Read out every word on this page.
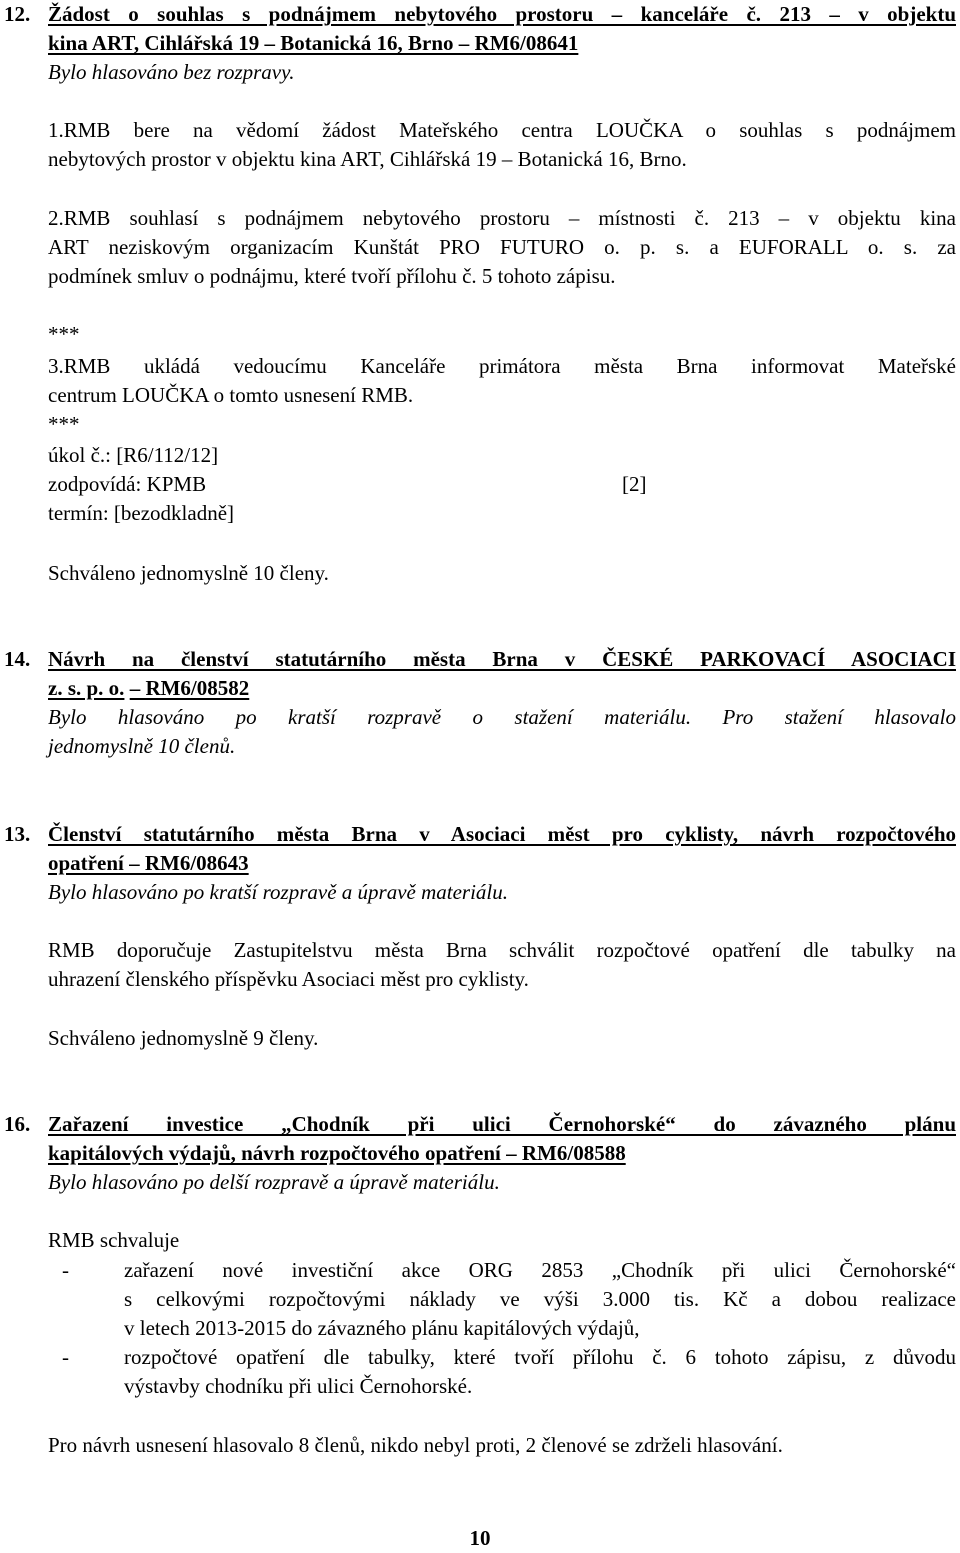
12. Žádost o souhlas s podnájmem nebytového prostoru – kanceláře č. 213 – v objektu
kina ART, Cihlářská 19 – Botanická 16, Brno – RM6/08641
Bylo hlasováno bez rozpravy.
1.RMB bere na vědomí žádost Mateřského centra LOUČKA o souhlas s podnájmem
nebytových prostor v objektu kina ART, Cihlářská 19 – Botanická 16, Brno.
2.RMB souhlasí s podnájmem nebytového prostoru – místnosti č. 213 – v objektu kina
ART neziskovým organizacím Kunštát PRO FUTURO o. p. s. a EUFORALL o. s. za
podmínek smluv o podnájmu, které tvoří přílohu č. 5 tohoto zápisu.
***
3.RMB ukládá vedoucímu Kanceláře primátora města Brna informovat Mateřské
centrum LOUČKA o tomto usnesení RMB.
***
úkol č.: [R6/112/12]
zodpovídá: KPMB	[2]
termín: [bezodkladně]
Schváleno jednomyslně 10 členy.
14. Návrh na členství statutárního města Brna v ČESKÉ PARKOVACÍ ASOCIACI
z. s. p. o. – RM6/08582
Bylo hlasováno po kratší rozpravě o stažení materiálu. Pro stažení hlasovalo
jednomyslně 10 členů.
13. Členství statutárního města Brna v Asociaci měst pro cyklisty, návrh rozpočtového
opatření – RM6/08643
Bylo hlasováno po kratší rozpravě a úpravě materiálu.
RMB doporučuje Zastupitelstvu města Brna schválit rozpočtové opatření dle tabulky na
uhrazení členského příspěvku Asociaci měst pro cyklisty.
Schváleno jednomyslně 9 členy.
16. Zařazení investice „Chodník při ulici Černohorské“ do závazného plánu
kapitálových výdajů, návrh rozpočtového opatření – RM6/08588
Bylo hlasováno po delší rozpravě a úpravě materiálu.
RMB schvaluje
-	zařazení nové investiční akce ORG 2853 „Chodník při ulici Černohorské“
s celkovými rozpočtovými náklady ve výši 3.000 tis. Kč a dobou realizace
v letech 2013-2015 do závazného plánu kapitálových výdajů,
-	rozpočtové opatření dle tabulky, které tvoří přílohu č. 6 tohoto zápisu, z důvodu
výstavby chodníku při ulici Černohorské.
Pro návrh usnesení hlasovalo 8 členů, nikdo nebyl proti, 2 členové se zdrželi hlasování.
10
